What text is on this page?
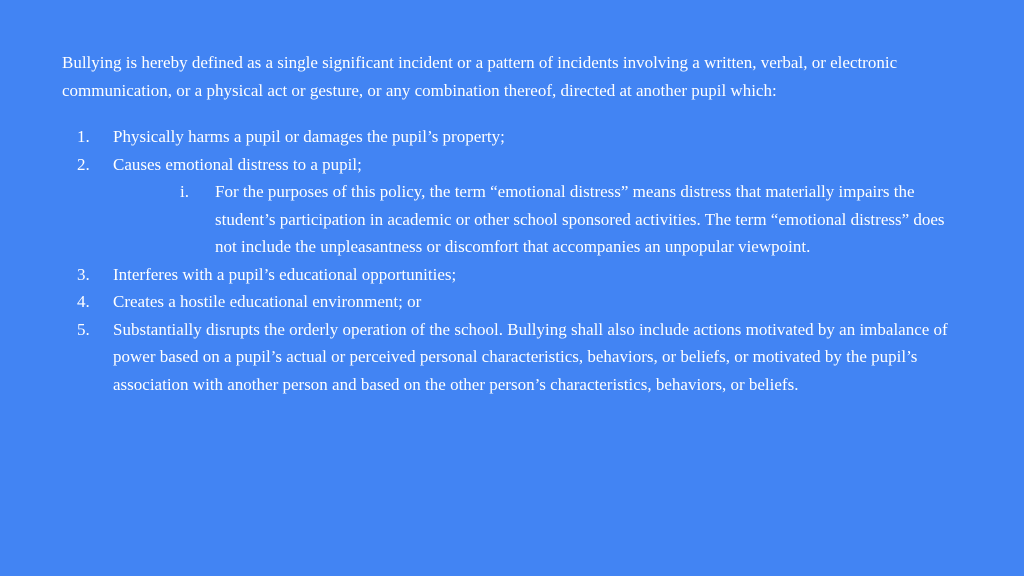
Bullying is hereby defined as a single significant incident or a pattern of incidents involving a written, verbal, or electronic communication, or a physical act or gesture, or any combination thereof, directed at another pupil which:

1. Physically harms a pupil or damages the pupil’s property;
2. Causes emotional distress to a pupil;
i. For the purposes of this policy, the term “emotional distress” means distress that materially impairs the student’s participation in academic or other school sponsored activities. The term “emotional distress” does not include the unpleasantness or discomfort that accompanies an unpopular viewpoint.
3. Interferes with a pupil’s educational opportunities;
4. Creates a hostile educational environment; or
5. Substantially disrupts the orderly operation of the school. Bullying shall also include actions motivated by an imbalance of power based on a pupil’s actual or perceived personal characteristics, behaviors, or beliefs, or motivated by the pupil’s association with another person and based on the other person’s characteristics, behaviors, or beliefs.
